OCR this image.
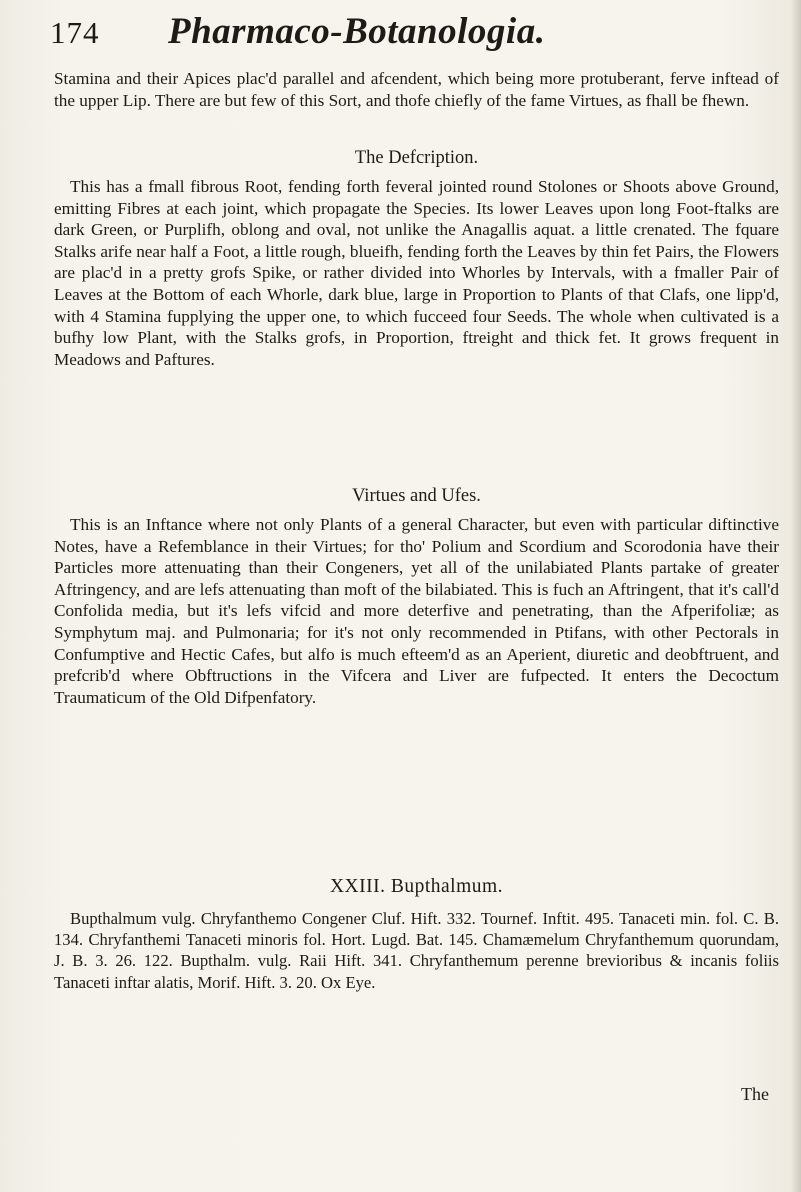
174	Pharmaco-Botanologia.

Stamina and their Apices plac'd parallel and afcendent, which being more protuberant, ferve inftead of the upper Lip. There are but few of this Sort, and thofe chiefly of the fame Virtues, as fhall be fhewn.

The Defcription.

This has a fmall fibrous Root, fending forth feveral jointed round Stolones or Shoots above Ground, emitting Fibres at each joint, which propagate the Species. Its lower Leaves upon long Foot-ftalks are dark Green, or Purplifh, oblong and oval, not unlike the Anagallis aquat. a little crenated. The fquare Stalks arife near half a Foot, a little rough, blueifh, fending forth the Leaves by thin fet Pairs, the Flowers are plac'd in a pretty grofs Spike, or rather divided into Whorles by Intervals, with a fmaller Pair of Leaves at the Bottom of each Whorle, dark blue, large in Proportion to Plants of that Clafs, one lipp'd, with 4 Stamina fupplying the upper one, to which fucceed four Seeds. The whole when cultivated is a bufhy low Plant, with the Stalks grofs, in Proportion, ftreight and thick fet. It grows frequent in Meadows and Paftures.

Virtues and Ufes.

This is an Inftance where not only Plants of a general Character, but even with particular diftinctive Notes, have a Refemblance in their Virtues; for tho' Polium and Scordium and Scorodonia have their Particles more attenuating than their Congeners, yet all of the unilabiated Plants partake of greater Aftringency, and are lefs attenuating than moft of the bilabiated. This is fuch an Aftringent, that it's call'd Confolida media, but it's lefs vifcid and more deterfive and penetrating, than the Afperifoliæ; as Symphytum maj. and Pulmonaria; for it's not only recommended in Ptifans, with other Pectorals in Confumptive and Hectic Cafes, but alfo is much efteem'd as an Aperient, diuretic and deobftruent, and prefcrib'd where Obftructions in the Vifcera and Liver are fufpected. It enters the Decoctum Traumaticum of the Old Difpenfatory.

XXIII. Bupthalmum.

Bupthalmum vulg. Chryfanthemo Congener Cluf. Hift. 332. Tournef. Inftit. 495. Tanaceti min. fol. C. B. 134. Chryfanthemi Tanaceti minoris fol. Hort. Lugd. Bat. 145. Chamæmelum Chryfanthemum quorundam, J. B. 3. 26. 122. Bupthalm. vulg. Raii Hift. 341. Chryfanthemum perenne brevioribus & incanis foliis Tanaceti inftar alatis, Morif. Hift. 3. 20. Ox Eye.

The
